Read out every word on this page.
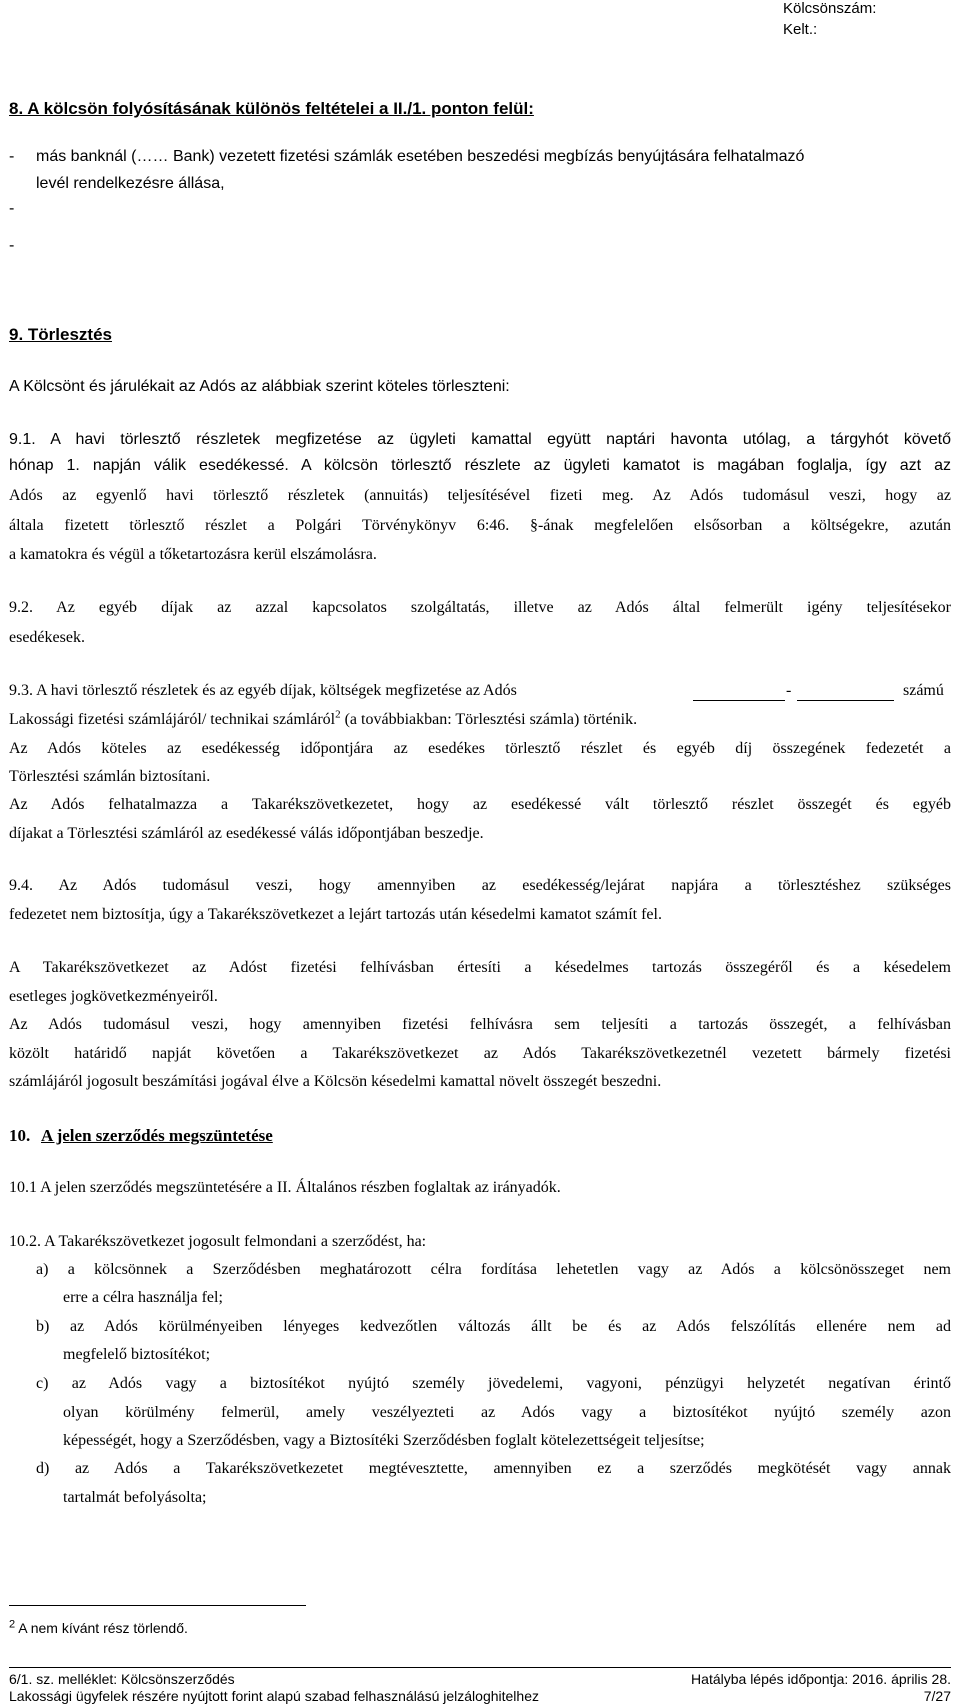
Kölcsönszám:
Kelt.:
8. A kölcsön folyósításának különös feltételei a II./1. ponton felül:
- más banknál (…… Bank) vezetett fizetési számlák esetében beszedési megbízás benyújtására felhatalmazó
levél rendelkezésre állása,
-
-
9. Törlesztés
A Kölcsönt és járulékait az Adós az alábbiak szerint köteles törleszteni:
9.1. A havi törlesztő részletek megfizetése az ügyleti kamattal együtt naptári havonta utólag, a tárgyhót követő
hónap 1. napján válik esedékessé. A kölcsön törlesztő részlete az ügyleti kamatot is magában foglalja, így azt az
Adós az egyenlő havi törlesztő részletek (annuitás) teljesítésével fizeti meg. Az Adós tudomásul veszi, hogy az
általa fizetett törlesztő részlet a Polgári Törvénykönyv 6:46. §-ának megfelelően elsősorban a költségekre, azután
a kamatokra és végül a tőketartozásra kerül elszámolásra.
9.2. Az egyéb díjak az azzal kapcsolatos szolgáltatás, illetve az Adós által felmerült igény teljesítésekor
esedékesek.
9.3. A havi törlesztő részletek és az egyéb díjak, költségek megfizetése az Adós	-	számú
Lakossági fizetési számlájáról/ technikai számláról$^2$ (a továbbiakban: Törlesztési számla) történik.
Az Adós köteles az esedékesség időpontjára az esedékes törlesztő részlet és egyéb díj összegének fedezetét a
Törlesztési számlán biztosítani.
Az Adós felhatalmazza a Takarékszövetkezetet, hogy az esedékessé vált törlesztő részlet összegét és egyéb
díjakat a Törlesztési számláról az esedékessé válás időpontjában beszedje.
9.4. Az Adós tudomásul veszi, hogy amennyiben az esedékesség/lejárat napjára a törlesztéshez szükséges
fedezetet nem biztosítja, úgy a Takarékszövetkezet a lejárt tartozás után késedelmi kamatot számít fel.
A Takarékszövetkezet az Adóst fizetési felhívásban értesíti a késedelmes tartozás összegéről és a késedelem
esetleges jogkövetkezményeiről.
Az Adós tudomásul veszi, hogy amennyiben fizetési felhívásra sem teljesíti a tartozás összegét, a felhívásban
közölt határidő napját követően a Takarékszövetkezet az Adós Takarékszövetkezetnél vezetett bármely fizetési
számlájáról jogosult beszámítási jogával élve a Kölcsön késedelmi kamattal növelt összegét beszedni.
10. A jelen szerződés megszüntetése
10.1 A jelen szerződés megszüntetésére a II. Általános részben foglaltak az irányadók.
10.2. A Takarékszövetkezet jogosult felmondani a szerződést, ha:
a) a kölcsönnek a Szerződésben meghatározott célra fordítása lehetetlen vagy az Adós a kölcsönösszeget nem
erre a célra használja fel;
b) az Adós körülményeiben lényeges kedvezőtlen változás állt be és az Adós felszólítás ellenére nem ad
megfelelő biztosítékot;
c) az Adós vagy a biztosítékot nyújtó személy jövedelemi, vagyoni, pénzügyi helyzetét negatívan érintő
olyan körülmény felmerül, amely veszélyezteti az Adós vagy a biztosítékot nyújtó személy azon
képességét, hogy a Szerződésben, vagy a Biztosítéki Szerződésben foglalt kötelezettségeit teljesítse;
d) az Adós a Takarékszövetkezetet megtévesztette, amennyiben ez a szerződés megkötését vagy annak
tartalmát befolyásolta;
$^2$ A nem kívánt rész törlendő.
6/1. sz. melléklet: Kölcsönszerződés	Hatályba lépés időpontja: 2016. április 28.
Lakossági ügyfelek részére nyújtott forint alapú szabad felhasználású jelzáloghitelhez	7/27
